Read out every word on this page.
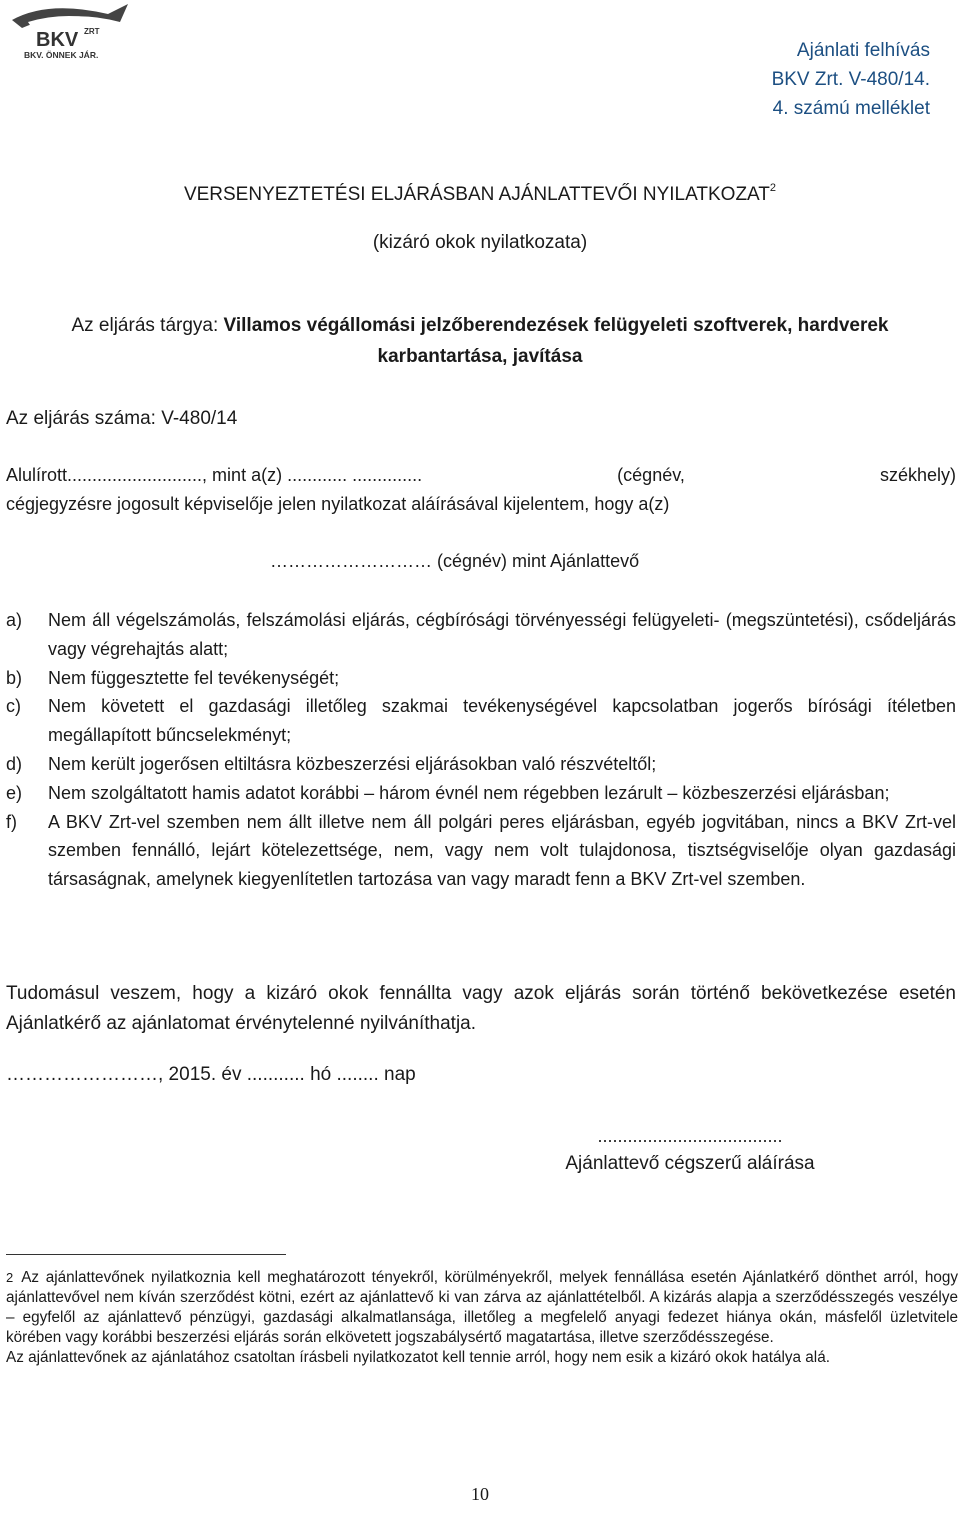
BKV ZRT
BKV. ÖNNEK JÁR.	Ajánlati felhívás
BKV Zrt. V-480/14.
4. számú melléklet
VERSENYEZTETÉSI ELJÁRÁSBAN AJÁNLATTEVŐI NYILATKOZAT$^2$
(kizáró okok nyilatkozata)
Az eljárás tárgya: Villamos végállomási jelzőberendezések felügyeleti szoftverek, hardverek
karbantartása, javítása
Az eljárás száma: V-480/14
Alulírott..........................., mint a(z) ............ ..............	(cégnév,	székhely)
cégjegyzésre jogosult képviselője jelen nyilatkozat aláírásával kijelentem, hogy a(z)
……………………… (cégnév) mint Ajánlattevő
a)	Nem áll végelszámolás, felszámolási eljárás, cégbírósági törvényességi felügyeleti- (megszüntetési), csődeljárás vagy végrehajtás alatt;
b)	Nem függesztette fel tevékenységét;
c)	Nem követett el gazdasági illetőleg szakmai tevékenységével kapcsolatban jogerős bírósági ítéletben megállapított bűncselekményt;
d)	Nem került jogerősen eltiltásra közbeszerzési eljárásokban való részvételtől;
e)	Nem szolgáltatott hamis adatot korábbi – három évnél nem régebben lezárult – közbeszerzési eljárásban;
f)	A BKV Zrt-vel szemben nem állt illetve nem áll polgári peres eljárásban, egyéb jogvitában, nincs a BKV Zrt-vel szemben fennálló, lejárt kötelezettsége, nem, vagy nem volt tulajdonosa, tisztségviselője olyan gazdasági társaságnak, amelynek kiegyenlítetlen tartozása van vagy maradt fenn a BKV Zrt-vel szemben.
Tudomásul veszem, hogy a kizáró okok fennállta vagy azok eljárás során történő bekövetkezése esetén Ajánlatkérő az ajánlatomat érvénytelenné nyilváníthatja.
……………………, 2015. év ........... hó ........ nap
.....................................
Ajánlattevő cégszerű aláírása
$^2$ Az ajánlattevőnek nyilatkoznia kell meghatározott tényekről, körülményekről, melyek fennállása esetén Ajánlatkérő dönthet arról, hogy ajánlattevővel nem kíván szerződést kötni, ezért az ajánlattevő ki van zárva az ajánlattételből. A kizárás alapja a szerződésszegés veszélye – egyfelől az ajánlattevő pénzügyi, gazdasági alkalmatlansága, illetőleg a megfelelő anyagi fedezet hiánya okán, másfelől üzletvitele körében vagy korábbi beszerzési eljárás során elkövetett jogszabálysértő magatartása, illetve szerződésszegése.
Az ajánlattevőnek az ajánlatához csatoltan írásbeli nyilatkozatot kell tennie arról, hogy nem esik a kizáró okok hatálya alá.
10
